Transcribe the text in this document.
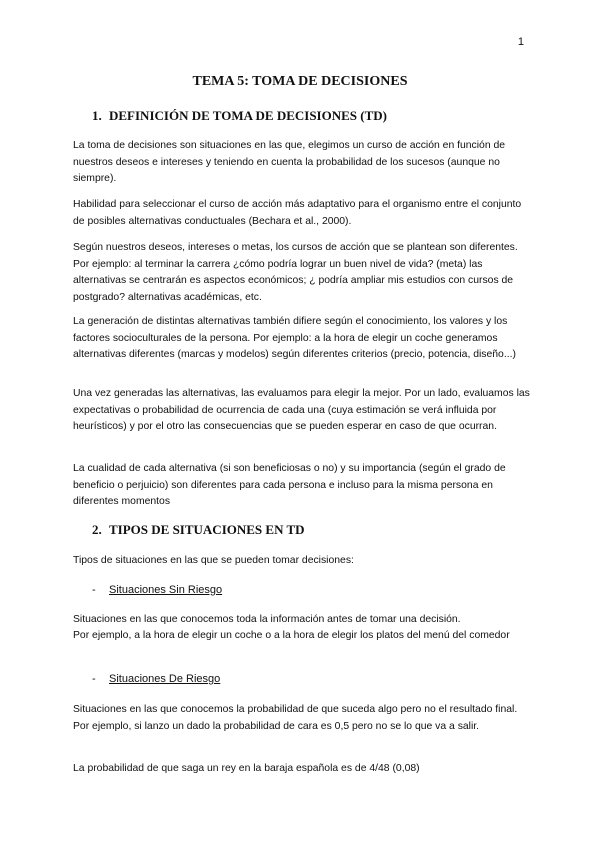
1
TEMA 5: TOMA DE DECISIONES
1. DEFINICIÓN DE TOMA DE DECISIONES (TD)

La toma de decisiones son situaciones en las que, elegimos un curso de acción en función de nuestros deseos e intereses y teniendo en cuenta la probabilidad de los sucesos (aunque no siempre).

Habilidad para seleccionar el curso de acción más adaptativo para el organismo entre el conjunto de posibles alternativas conductuales (Bechara et al., 2000).

Según nuestros deseos, intereses o metas, los cursos de acción que se plantean son diferentes. Por ejemplo: al terminar la carrera ¿cómo podría lograr un buen nivel de vida? (meta) las alternativas se centrarán es aspectos económicos; ¿ podría ampliar mis estudios con cursos de postgrado? alternativas académicas, etc.

La generación de distintas alternativas también difiere según el conocimiento, los valores y los factores socioculturales de la persona. Por ejemplo: a la hora de elegir un coche generamos alternativas diferentes (marcas y modelos) según diferentes criterios (precio, potencia, diseño...)

Una vez generadas las alternativas, las evaluamos para elegir la mejor. Por un lado, evaluamos las expectativas o probabilidad de ocurrencia de cada una (cuya estimación se verá influida por heurísticos) y por el otro las consecuencias que se pueden esperar en caso de que ocurran.

La cualidad de cada alternativa (si son beneficiosas o no) y su importancia (según el grado de beneficio o perjuicio) son diferentes para cada persona e incluso para la misma persona en diferentes momentos

2. TIPOS DE SITUACIONES EN TD

Tipos de situaciones en las que se pueden tomar decisiones:

- Situaciones Sin Riesgo

Situaciones en las que conocemos toda la información antes de tomar una decisión.

Por ejemplo, a la hora de elegir un coche o a la hora de elegir los platos del menú del comedor

- Situaciones De Riesgo

Situaciones en las que conocemos la probabilidad de que suceda algo pero no el resultado final. Por ejemplo, si lanzo un dado la probabilidad de cara es 0,5 pero no se lo que va a salir.

La probabilidad de que saga un rey en la baraja española es de 4/48 (0,08)
